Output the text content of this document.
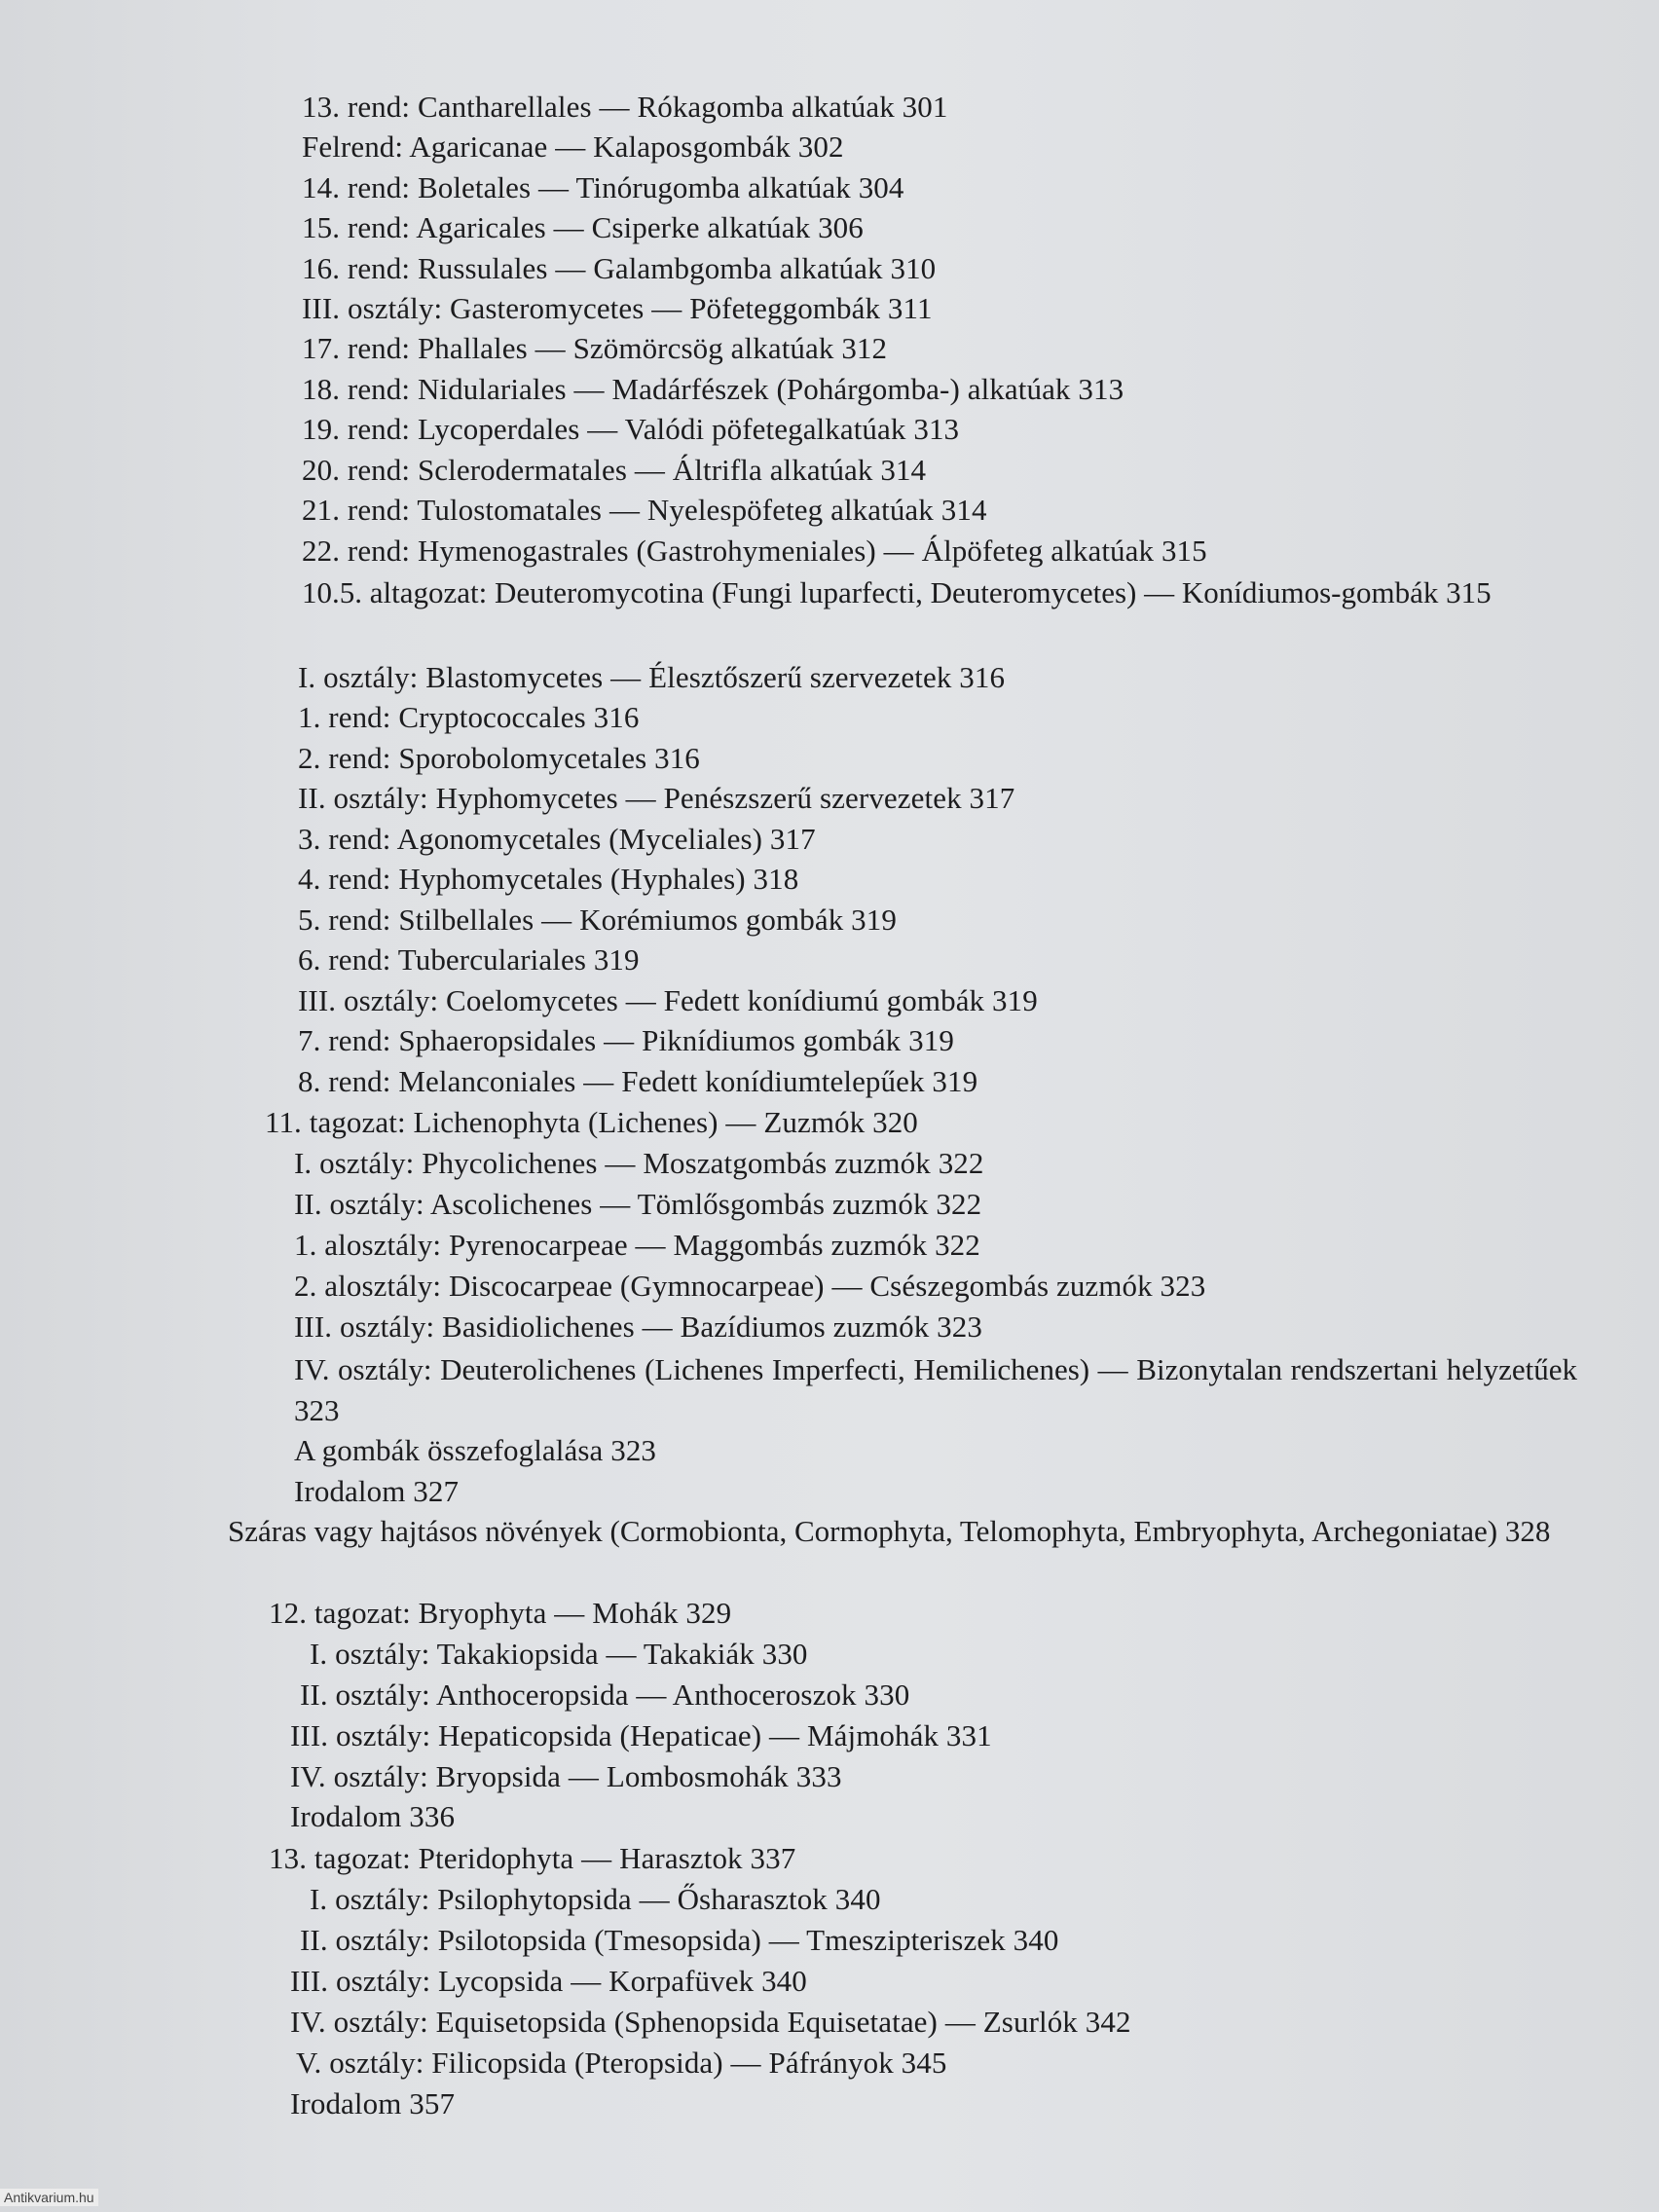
13. rend: Cantharellales — Rókagomba alkatúak 301
Felrend: Agaricanae — Kalaposgombák 302
14. rend: Boletales — Tinórugomba alkatúak 304
15. rend: Agaricales — Csiperke alkatúak 306
16. rend: Russulales — Galambgomba alkatúak 310
III. osztály: Gasteromycetes — Pöfeteggombák 311
17. rend: Phallales — Szömörcsög alkatúak 312
18. rend: Nidulariales — Madárfészek (Pohárgomba-) alkatúak 313
19. rend: Lycoperdales — Valódi pöfetegalkatúak 313
20. rend: Sclerodermatales — Áltrifla alkatúak 314
21. rend: Tulostomatales — Nyelespöfeteg alkatúak 314
22. rend: Hymenogastrales (Gastrohymeniales) — Álpöfeteg alkatúak 315
10.5. altagozat: Deuteromycotina (Fungi luparfecti, Deuteromycetes) — Konídiumos-gombák 315
I. osztály: Blastomycetes — Élesztőszerű szervezetek 316
1. rend: Cryptococcales 316
2. rend: Sporobolomycetales 316
II. osztály: Hyphomycetes — Penészszerű szervezetek 317
3. rend: Agonomycetales (Myceliales) 317
4. rend: Hyphomycetales (Hyphales) 318
5. rend: Stilbellales — Korémiumos gombák 319
6. rend: Tuberculariales 319
III. osztály: Coelomycetes — Fedett konídiumú gombák 319
7. rend: Sphaeropsidales — Piknídiumos gombák 319
8. rend: Melanconiales — Fedett konídiumtelepűek 319
11. tagozat: Lichenophyta (Lichenes) — Zuzmók 320
I. osztály: Phycolichenes — Moszatgombás zuzmók 322
II. osztály: Ascolichenes — Tömlősgombás zuzmók 322
1. alosztály: Pyrenocarpeae — Maggombás zuzmók 322
2. alosztály: Discocarpeae (Gymnocarpeae) — Csészegombás zuzmók 323
III. osztály: Basidiolichenes — Bazídiumos zuzmók 323
IV. osztály: Deuterolichenes (Lichenes Imperfecti, Hemilichenes) — Bizonytalan rendszertani helyzetűek 323
A gombák összefoglalása 323
Irodalom 327
Száras vagy hajtásos növények (Cormobionta, Cormophyta, Telomophyta, Embryophyta, Archegoniatae) 328
12. tagozat: Bryophyta — Mohák 329
I. osztály: Takakiopsida — Takakiák 330
II. osztály: Anthoceropsida — Anthoceroszok 330
III. osztály: Hepaticopsida (Hepaticae) — Májmohák 331
IV. osztály: Bryopsida — Lombosmohák 333
Irodalom 336
13. tagozat: Pteridophyta — Harasztok 337
I. osztály: Psilophytopsida — Ősharasztok 340
II. osztály: Psilotopsida (Tmesopsida) — Tmeszipteriszek 340
III. osztály: Lycopsida — Korpafüvek 340
IV. osztály: Equisetopsida (Sphenopsida Equisetatae) — Zsurlók 342
V. osztály: Filicopsida (Pteropsida) — Páfrányok 345
Irodalom 357
Antikvarium.hu
